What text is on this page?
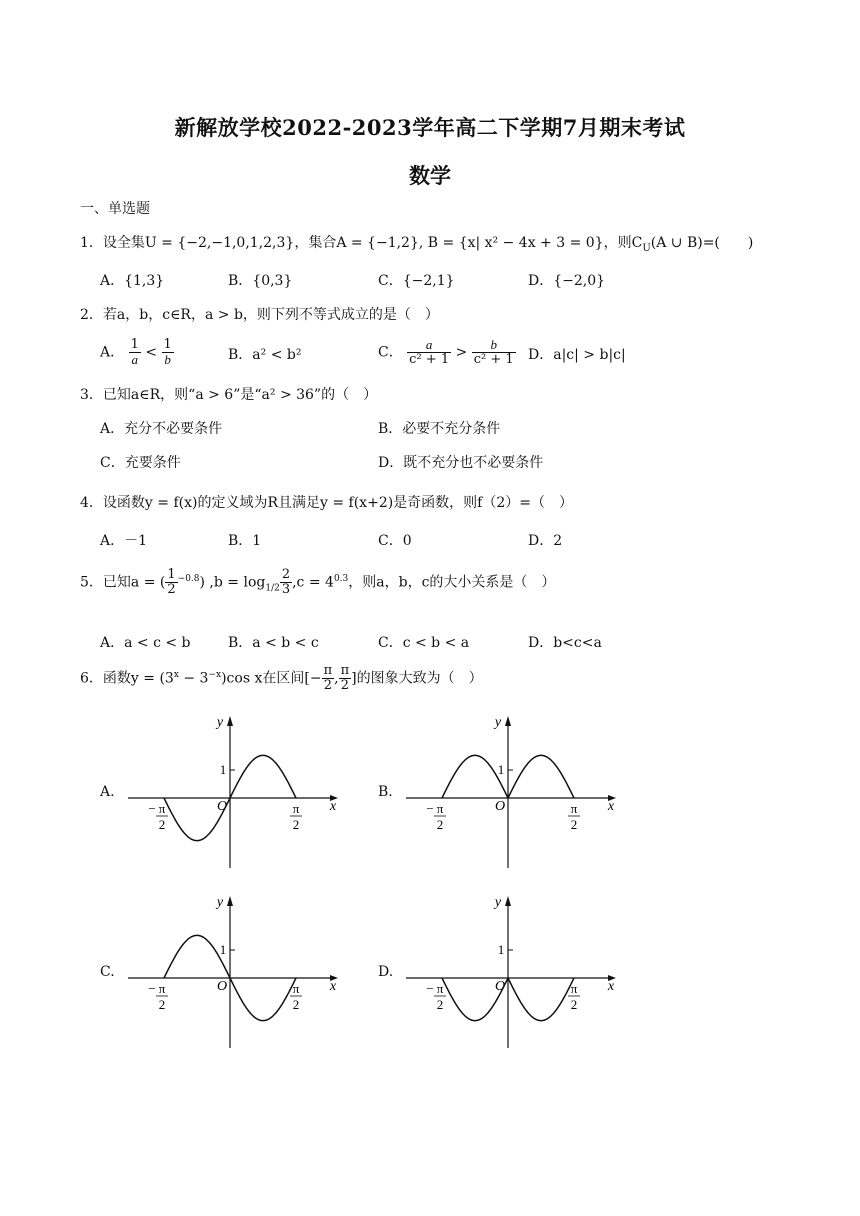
新解放学校2022-2023学年高二下学期7月期末考试
数学
一、单选题
1．设全集U = {−2,−1,0,1,2,3}，集合A = {−1,2}, B = {x| x² − 4x + 3 = 0}，则$C_U(A$ ∪ B)=(　　)
A．{1,3}	B．{0,3}	C．{−2,1}	D．{−2,0}
2．若a，b，c∈R，a > b，则下列不等式成立的是（　）
A． $\frac{1}{a} < \frac{1}{b}$	B．a² < b²	C． $\frac{a}{\text{c² + 1}} > \frac{b}{\text{c² + 1}}$ D．a|c| > b|c|
3．已知a∈R，则“a > 6”是“a² > 36”的（　）
A．充分不必要条件	B．必要不充分条件
C．充要条件	D．既不充分也不必要条件
4．设函数y = f(x)的定义域为R且满足y = f(x+2)是奇函数，则f（2）=（　）
A．－1	B．1	C．0	D．2
5．已知a = ( $\frac{1}{2} ^{-0.8}$) $,b = \log_{1/2} \frac{2}{3} ,c = 4^{0.3}$，则a，b，c的大小关系是（　）
A．a < c < b	B．a < b < c	C．c < b < a	D．b<c<a
6．函数$y = (3^x - 3^{-x})\cos$ x在区间[− $\frac{\pi}{2}$ , $\frac{\pi}{2}$ ]的图象大致为（　）
A.	B.
C.	D.
y
x
O
1
− π
2
π
2
y
x
O
1
− π
2
π
2
y
x
O
1
− π
2
π
2
y
x
O
1
− π
2
π
2
